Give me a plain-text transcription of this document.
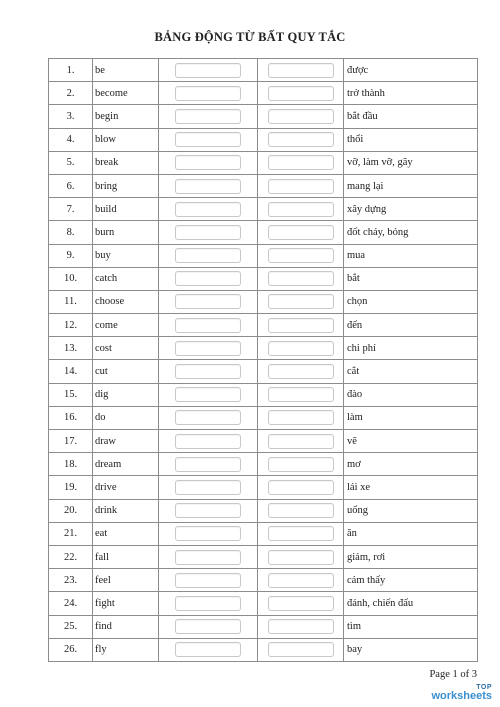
BẢNG ĐỘNG TỪ BẤT QUY TẮC
1.	be			được
2.	become			trở thành
3.	begin			bắt đầu
4.	blow			thổi
5.	break			vỡ, làm vỡ, gãy
6.	bring			mang lại
7.	build			xây dựng
8.	burn			đốt cháy, bỏng
9.	buy			mua
10.	catch			bắt
11.	choose			chọn
12.	come			đến
13.	cost			chi phí
14.	cut			cắt
15.	dig			đào
16.	do			làm
17.	draw			vẽ
18.	dream			mơ
19.	drive			lái xe
20.	drink			uống
21.	eat			ăn
22.	fall			giảm, rơi
23.	feel			cảm thấy
24.	fight			đánh, chiến đấu
25.	find			tìm
26.	fly			bay
Page 1 of 3
TOP
worksheets
